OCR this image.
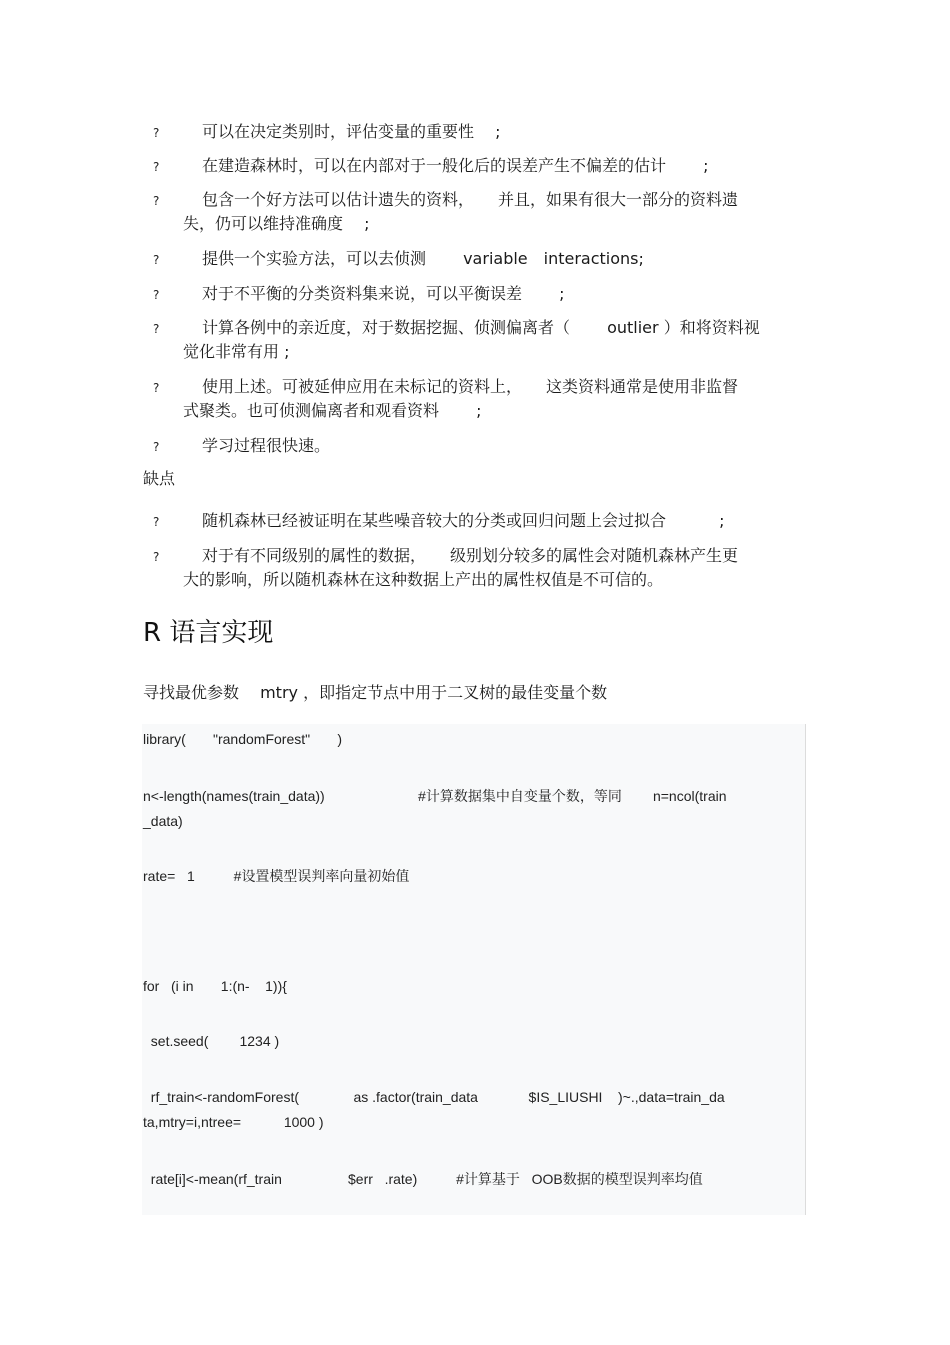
?	可以在决定类别时，评估变量的重要性 　;
?	在建造森林时，可以在内部对于一般化后的误差产生不偏差的估计 　　;
?	包含一个好方法可以估计遗失的资料，　　并且，如果有很大一部分的资料遗
失，仍可以维持准确度 　;
?	提供一个实验方法，可以去侦测 　　variable　interactions;
?	对于不平衡的分类资料集来说，可以平衡误差 　　;
?	计算各例中的亲近度，对于数据挖掘、侦测偏离者（ 　　outlier ）和将资料视
觉化非常有用 ;
?	使用上述。可被延伸应用在未标记的资料上，　　这类资料通常是使用非监督
式聚类。也可侦测偏离者和观看资料 　　;
?	学习过程很快速。
缺点
?	随机森林已经被证明在某些噪音较大的分类或回归问题上会过拟合 　　　;
?	对于有不同级别的属性的数据，　　级别划分较多的属性会对随机森林产生更
大的影响，所以随机森林在这种数据上产出的属性权值是不可信的。
R 语言实现
寻找最优参数 　mtry ，即指定节点中用于二叉树的最佳变量个数
library(       "randomForest"       )
n<-length(names(train_data))                        #计算数据集中自变量个数，等同        n=ncol(train
_data)
rate=   1          #设置模型误判率向量初始值
for   (i in       1:(n-    1)){
set.seed(        1234 )
rf_train<-randomForest(              as .factor(train_data             $IS_LIUSHI    )~.,data=train_da
ta,mtry=i,ntree=           1000 )
rate[i]<-mean(rf_train                 $err   .rate)          #计算基于   OOB数据的模型误判率均值
